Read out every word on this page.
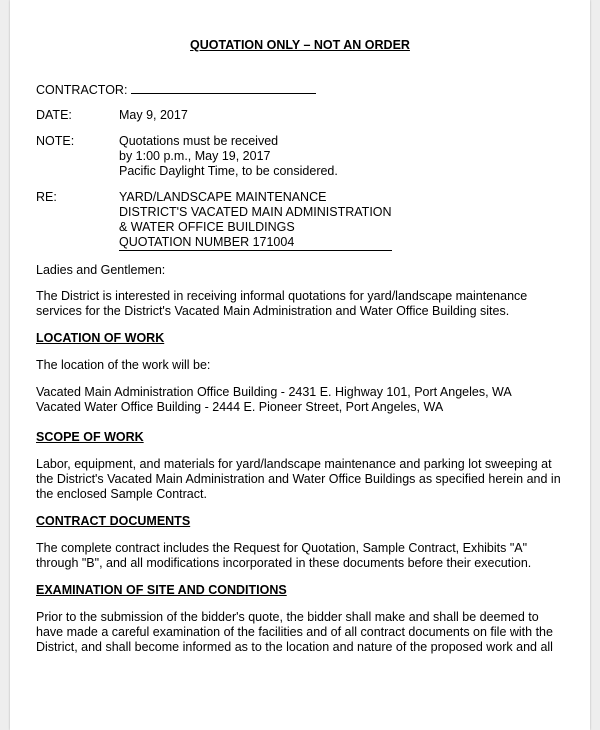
QUOTATION ONLY – NOT AN ORDER
CONTRACTOR:
DATE:	May 9, 2017
NOTE:	Quotations must be received
by 1:00 p.m., May 19, 2017
Pacific Daylight Time, to be considered.
RE:	YARD/LANDSCAPE MAINTENANCE
DISTRICT'S VACATED MAIN ADMINISTRATION
& WATER OFFICE BUILDINGS
QUOTATION NUMBER 171004
Ladies and Gentlemen:
The District is interested in receiving informal quotations for yard/landscape maintenance
services for the District's Vacated Main Administration and Water Office Building sites.
LOCATION OF WORK
The location of the work will be:
Vacated Main Administration Office Building - 2431 E. Highway 101, Port Angeles, WA
Vacated Water Office Building - 2444 E. Pioneer Street, Port Angeles, WA
SCOPE OF WORK
Labor, equipment, and materials for yard/landscape maintenance and parking lot sweeping at
the District's Vacated Main Administration and Water Office Buildings as specified herein and in
the enclosed Sample Contract.
CONTRACT DOCUMENTS
The complete contract includes the Request for Quotation, Sample Contract, Exhibits "A"
through "B", and all modifications incorporated in these documents before their execution.
EXAMINATION OF SITE AND CONDITIONS
Prior to the submission of the bidder's quote, the bidder shall make and shall be deemed to
have made a careful examination of the facilities and of all contract documents on file with the
District, and shall become informed as to the location and nature of the proposed work and all
